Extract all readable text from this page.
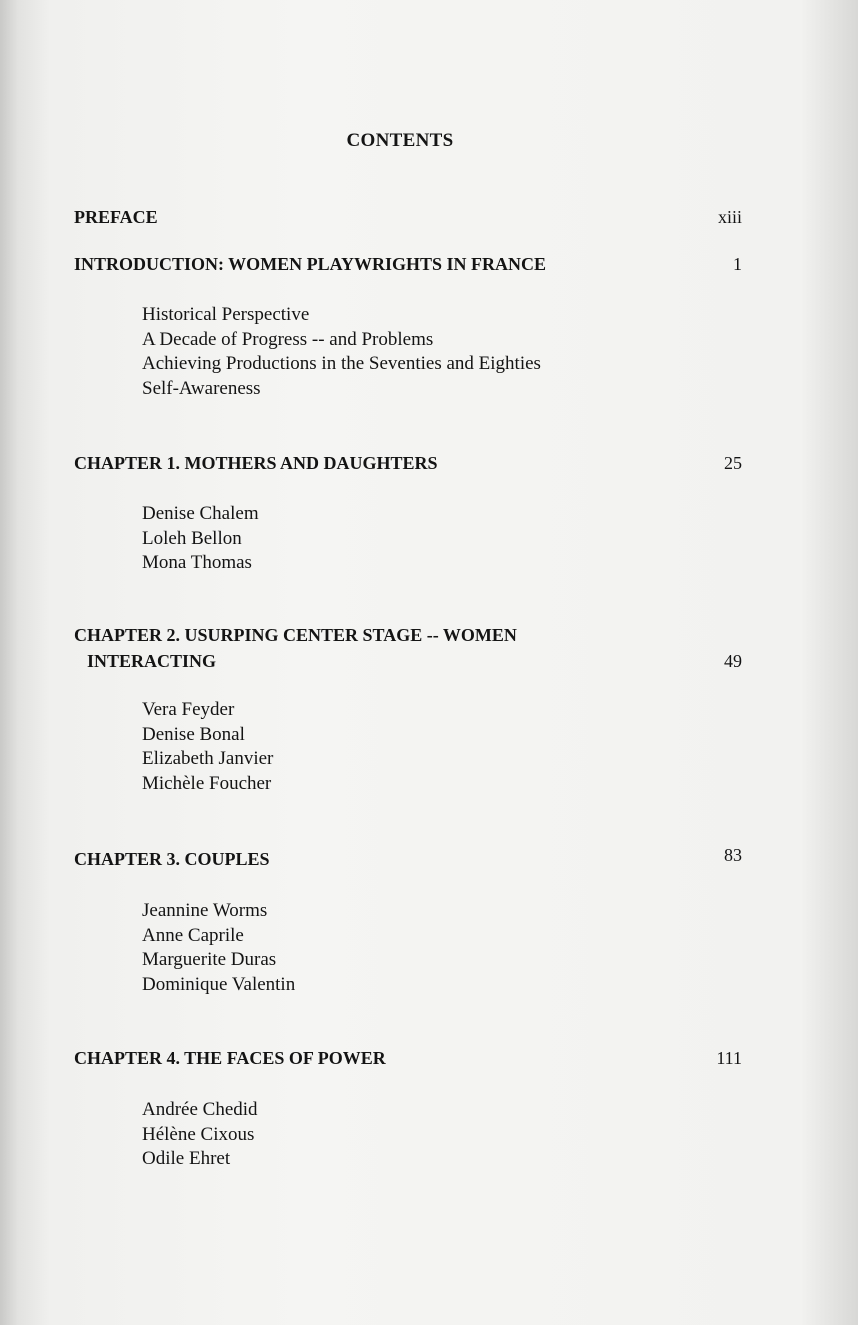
CONTENTS
PREFACE	xiii
INTRODUCTION: WOMEN PLAYWRIGHTS IN FRANCE	1
Historical Perspective
A Decade of Progress -- and Problems
Achieving Productions in the Seventies and Eighties
Self-Awareness
CHAPTER 1. MOTHERS AND DAUGHTERS	25
Denise Chalem
Loleh Bellon
Mona Thomas
CHAPTER 2. USURPING CENTER STAGE -- WOMEN
INTERACTING	49
Vera Feyder
Denise Bonal
Elizabeth Janvier
Michèle Foucher
CHAPTER 3. COUPLES	83
Jeannine Worms
Anne Caprile
Marguerite Duras
Dominique Valentin
CHAPTER 4. THE FACES OF POWER	111
Andrée Chedid
Hélène Cixous
Odile Ehret
